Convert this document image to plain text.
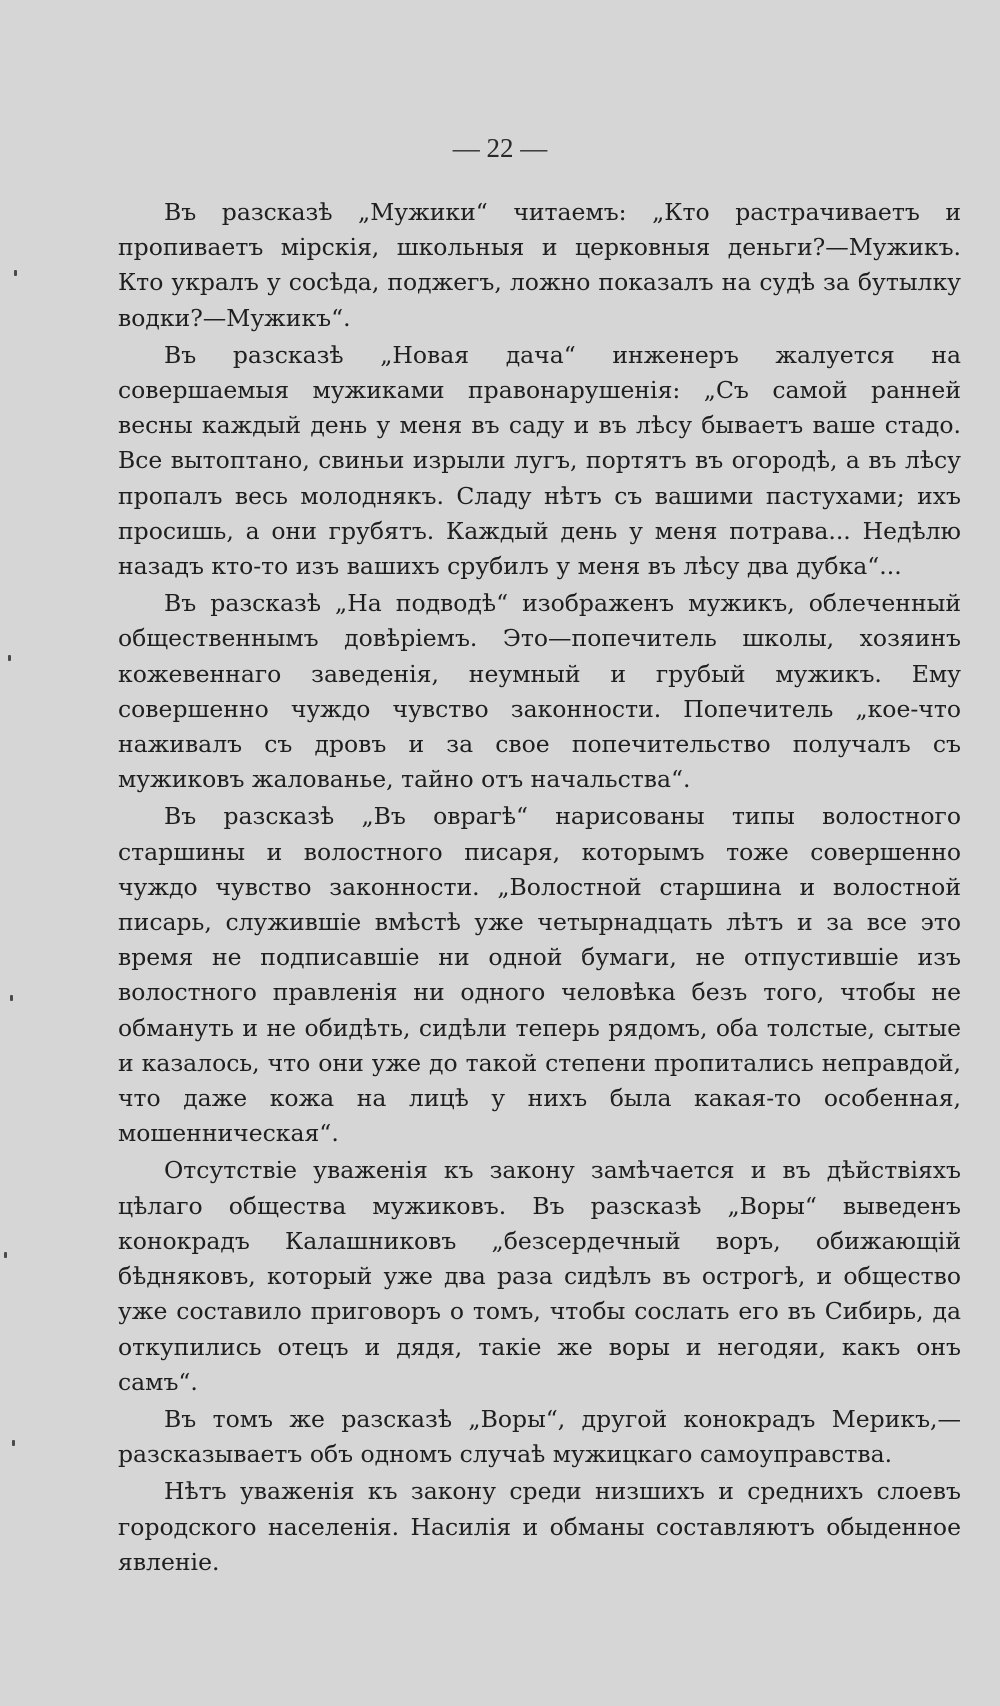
— 22 —

Въ разсказѣ „Мужики“ читаемъ: „Кто растрачиваетъ и пропиваетъ мірскія, школьныя и церковныя деньги?—Мужикъ. Кто укралъ у сосѣда, поджегъ, ложно показалъ на судѣ за бутылку водки?—Мужикъ“.

Въ разсказѣ „Новая дача“ инженеръ жалуется на совершаемыя мужиками правонарушенія: „Съ самой ранней весны каждый день у меня въ саду и въ лѣсу бываетъ ваше стадо. Все вытоптано, свиньи изрыли лугъ, портятъ въ огородѣ, а въ лѣсу пропалъ весь молоднякъ. Сладу нѣтъ съ вашими пастухами; ихъ просишь, а они грубятъ. Каждый день у меня потрава... Недѣлю назадъ кто-то изъ вашихъ срубилъ у меня въ лѣсу два дубка“...

Въ разсказѣ „На подводѣ“ изображенъ мужикъ, облеченный общественнымъ довѣріемъ. Это—попечитель школы, хозяинъ кожевеннаго заведенія, неумный и грубый мужикъ. Ему совершенно чуждо чувство законности. Попечитель „кое-что наживалъ съ дровъ и за свое попечительство получалъ съ мужиковъ жалованье, тайно отъ начальства“.

Въ разсказѣ „Въ оврагѣ“ нарисованы типы волостного старшины и волостного писаря, которымъ тоже совершенно чуждо чувство законности. „Волостной старшина и волостной писарь, служившіе вмѣстѣ уже четырнадцать лѣтъ и за все это время не подписавшіе ни одной бумаги, не отпустившіе изъ волостного правленія ни одного человѣка безъ того, чтобы не обмануть и не обидѣть, сидѣли теперь рядомъ, оба толстые, сытые и казалось, что они уже до такой степени пропитались неправдой, что даже кожа на лицѣ у нихъ была какая-то особенная, мошенническая“.

Отсутствіе уваженія къ закону замѣчается и въ дѣйствіяхъ цѣлаго общества мужиковъ. Въ разсказѣ „Воры“ выведенъ конокрадъ Калашниковъ „безсердечный воръ, обижающій бѣдняковъ, который уже два раза сидѣлъ въ острогѣ, и общество уже составило приговоръ о томъ, чтобы сослать его въ Сибирь, да откупились отецъ и дядя, такіе же воры и негодяи, какъ онъ самъ“.

Въ томъ же разсказѣ „Воры“, другой конокрадъ Мерикъ,— разсказываетъ объ одномъ случаѣ мужицкаго самоуправства.

Нѣтъ уваженія къ закону среди низшихъ и среднихъ слоевъ городского населенія. Насилія и обманы составляютъ обыденное явленіе.
